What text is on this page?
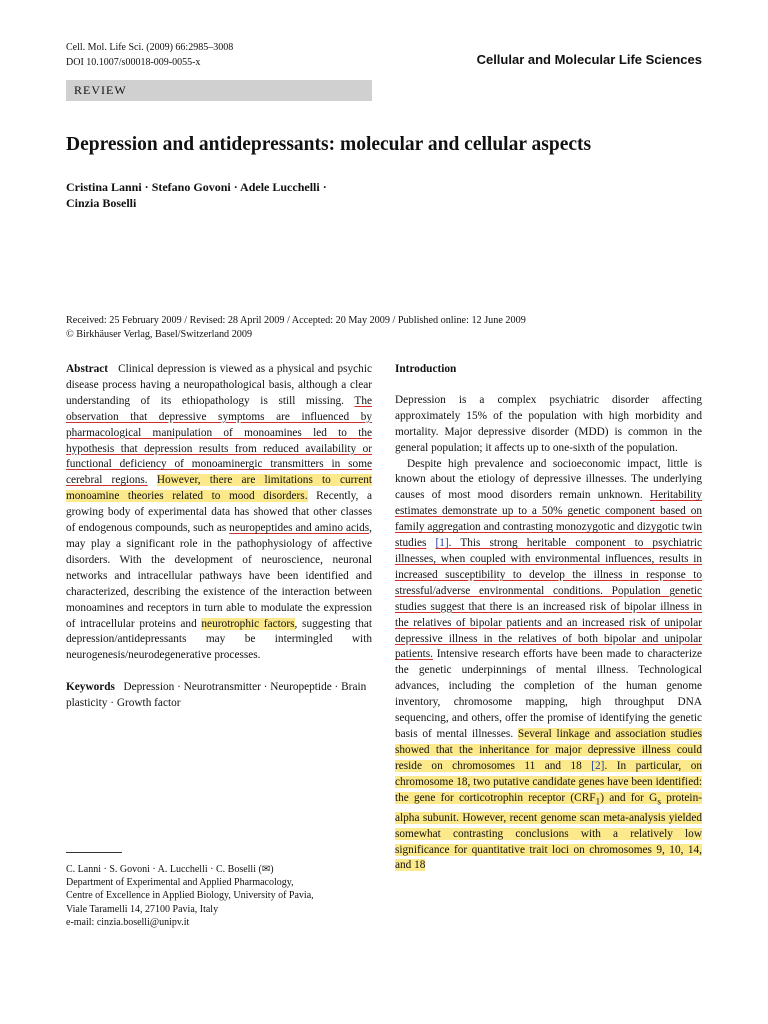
Cell. Mol. Life Sci. (2009) 66:2985–3008
DOI 10.1007/s00018-009-0055-x	Cellular and Molecular Life Sciences
REVIEW
Depression and antidepressants: molecular and cellular aspects
Cristina Lanni · Stefano Govoni · Adele Lucchelli ·
Cinzia Boselli
Received: 25 February 2009 / Revised: 28 April 2009 / Accepted: 20 May 2009 / Published online: 12 June 2009
© Birkhäuser Verlag, Basel/Switzerland 2009

Abstract Clinical depression is viewed as a physical and psychic disease process having a neuropathological basis, although a clear understanding of its ethiopathology is still missing. The observation that depressive symptoms are influenced by pharmacological manipulation of monoamines led to the hypothesis that depression results from reduced availability or functional deficiency of monoaminergic transmitters in some cerebral regions. However, there are limitations to current monoamine theories related to mood disorders. Recently, a growing body of experimental data has showed that other classes of endogenous compounds, such as neuropeptides and amino acids, may play a significant role in the pathophysiology of affective disorders. With the development of neuroscience, neuronal networks and intracellular pathways have been identified and characterized, describing the existence of the interaction between monoamines and receptors in turn able to modulate the expression of intracellular proteins and neurotrophic factors, suggesting that depression/antidepressants may be intermingled with neurogenesis/neurodegenerative processes.

Keywords Depression · Neurotransmitter · Neuropeptide · Brain plasticity · Growth factor

C. Lanni · S. Govoni · A. Lucchelli · C. Boselli (✉)
Department of Experimental and Applied Pharmacology,
Centre of Excellence in Applied Biology, University of Pavia,
Viale Taramelli 14, 27100 Pavia, Italy
e-mail: cinzia.boselli@unipv.it
Introduction

Depression is a complex psychiatric disorder affecting approximately 15% of the population with high morbidity and mortality. Major depressive disorder (MDD) is common in the general population; it affects up to one-sixth of the population.

Despite high prevalence and socioeconomic impact, little is known about the etiology of depressive illnesses. The underlying causes of most mood disorders remain unknown. Heritability estimates demonstrate up to a 50% genetic component based on family aggregation and contrasting monozygotic and dizygotic twin studies [1]. This strong heritable component to psychiatric illnesses, when coupled with environmental influences, results in increased susceptibility to develop the illness in response to stressful/adverse environmental conditions. Population genetic studies suggest that there is an increased risk of bipolar illness in the relatives of bipolar patients and an increased risk of unipolar depressive illness in the relatives of both bipolar and unipolar patients. Intensive research efforts have been made to characterize the genetic underpinnings of mental illness. Technological advances, including the completion of the human genome inventory, chromosome mapping, high throughput DNA sequencing, and others, offer the promise of identifying the genetic basis of mental illnesses. Several linkage and association studies showed that the inheritance for major depressive illness could reside on chromosomes 11 and 18 [2]. In particular, on chromosome 18, two putative candidate genes have been identified: the gene for corticotrophin receptor $(CRF_1)$ and for $G_s$ protein-alpha subunit. However, recent genome scan meta-analysis yielded somewhat contrasting conclusions with a relatively low significance for quantitative trait loci on chromosomes 9, 10, 14, and 18
